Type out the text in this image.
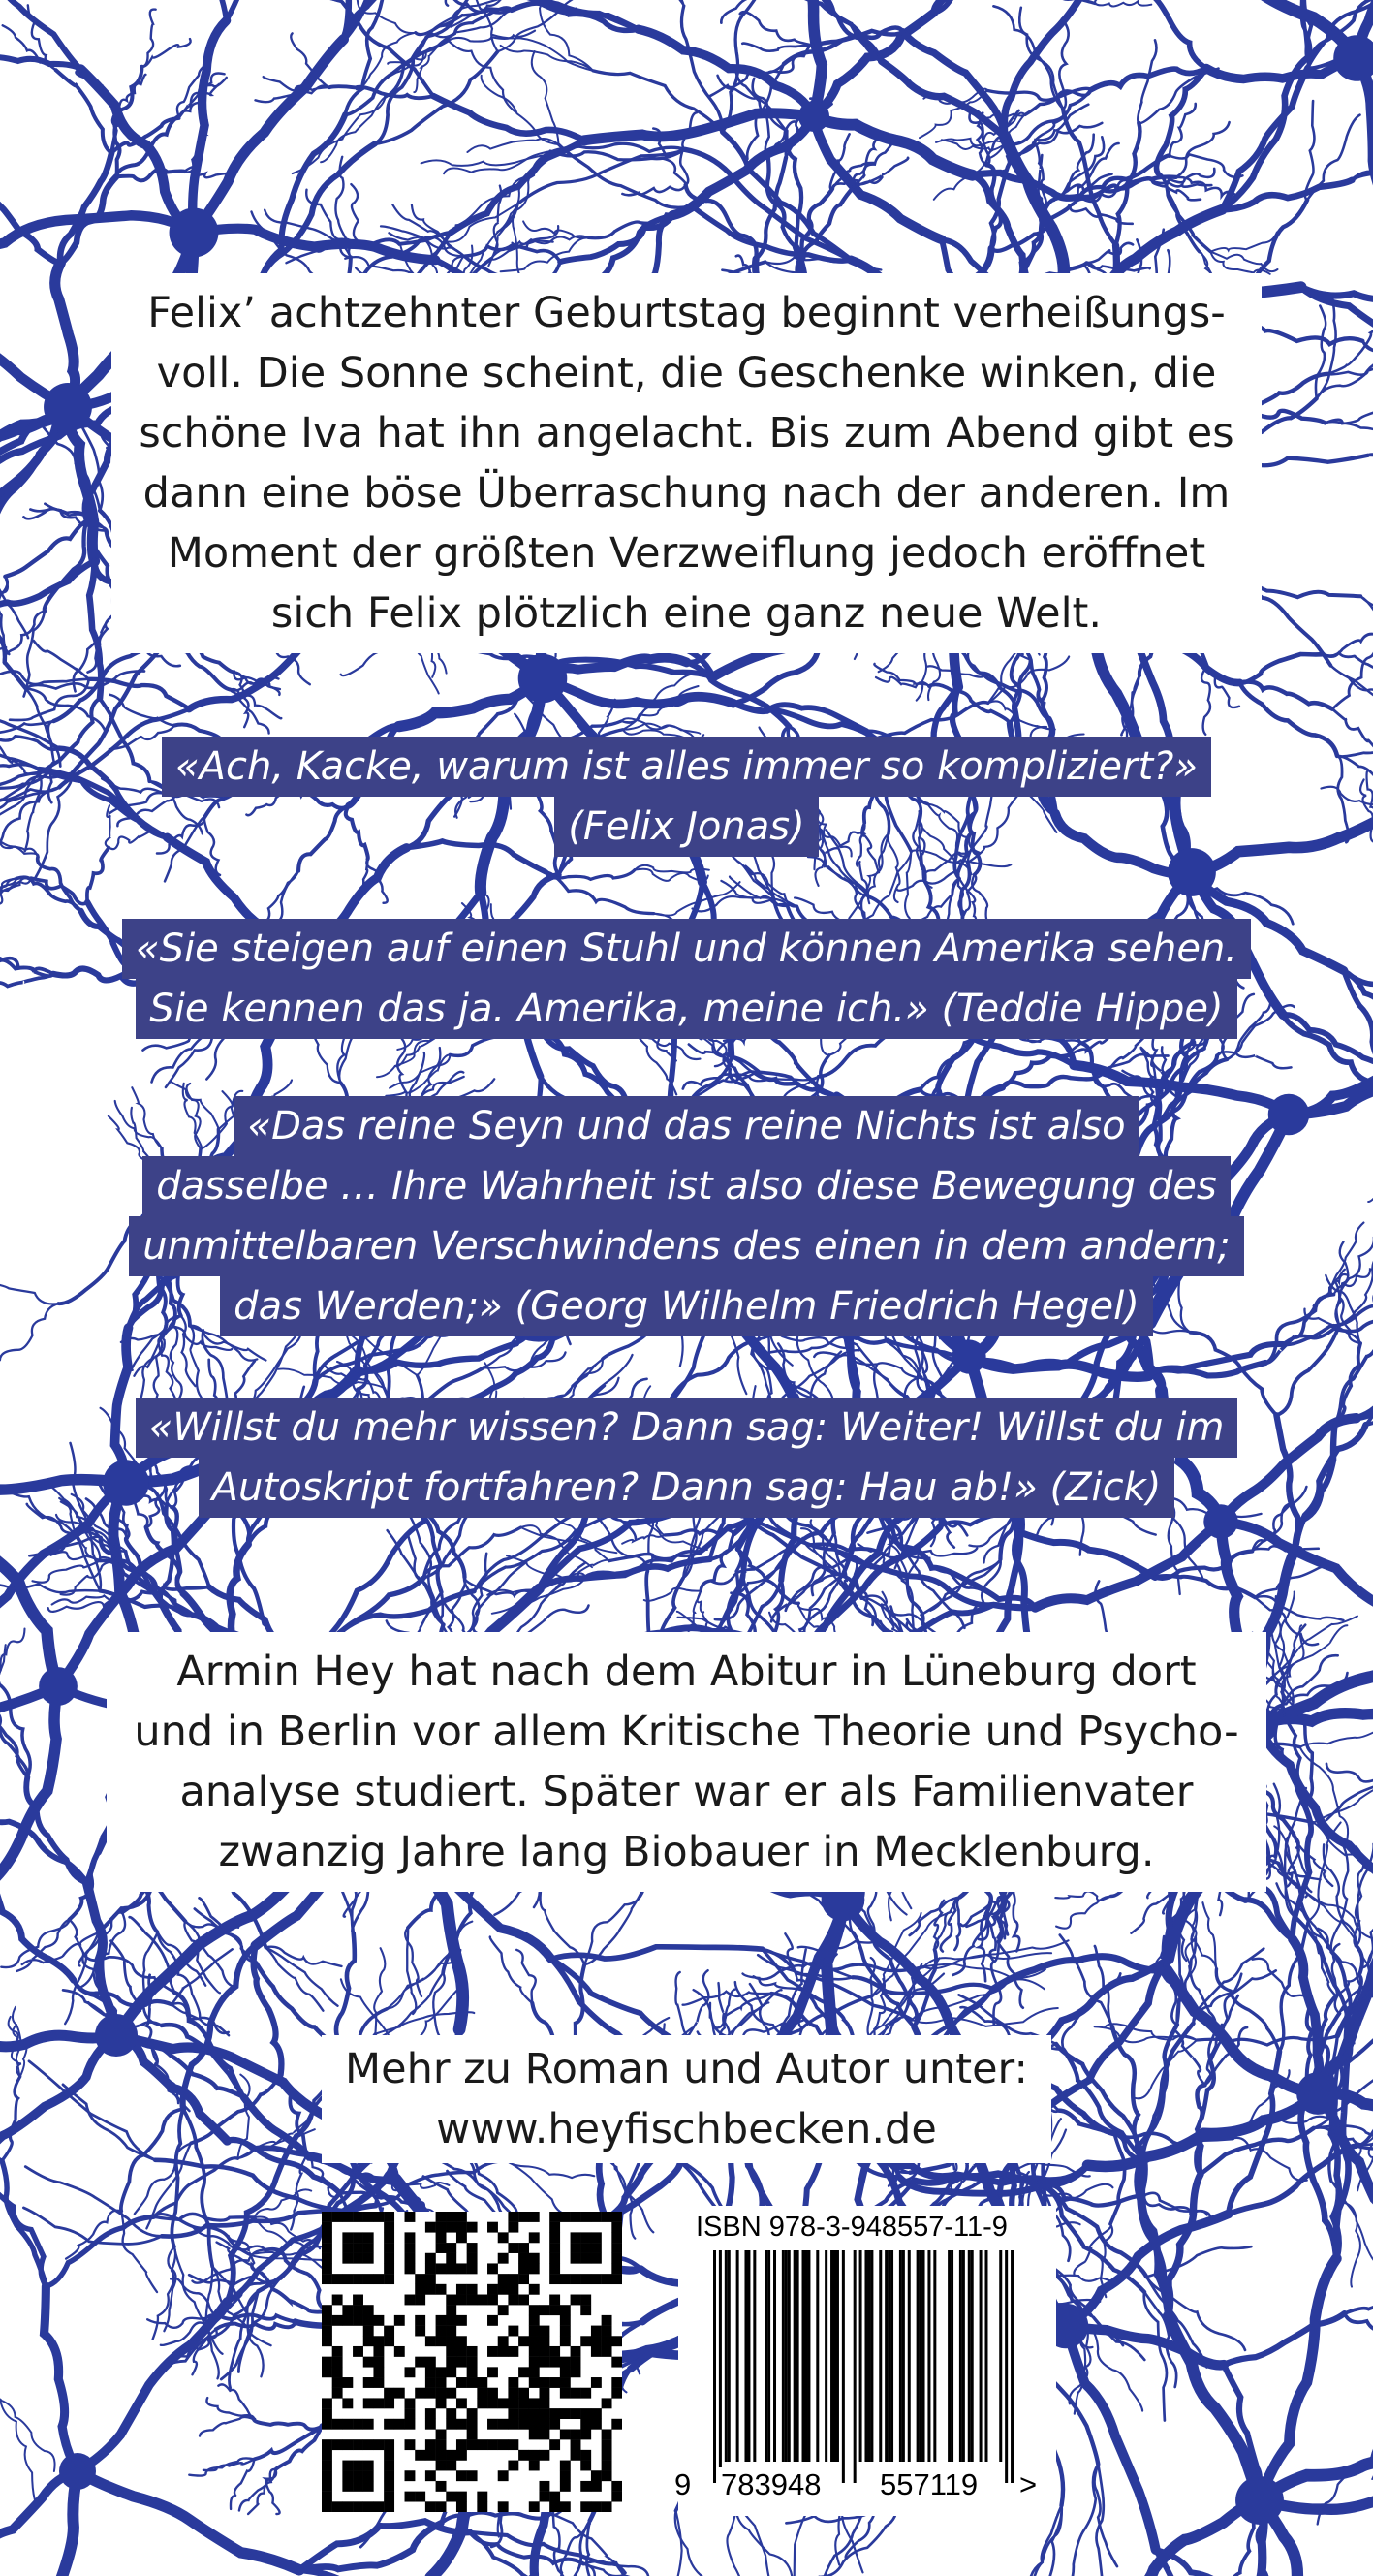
Felix’ achtzehnter Geburtstag beginnt verheißungs-
voll. Die Sonne scheint, die Geschenke winken, die
schöne Iva hat ihn angelacht. Bis zum Abend gibt es
dann eine böse Überraschung nach der anderen. Im
Moment der größten Verzweiflung jedoch eröffnet
sich Felix plötzlich eine ganz neue Welt.
«Ach, Kacke, warum ist alles immer so kompliziert?»
(Felix Jonas)
«Sie steigen auf einen Stuhl und können Amerika sehen.
Sie kennen das ja. Amerika, meine ich.» (Teddie Hippe)
«Das reine Seyn und das reine Nichts ist also
dasselbe … Ihre Wahrheit ist also diese Bewegung des
unmittelbaren Verschwindens des einen in dem andern;
das Werden;» (Georg Wilhelm Friedrich Hegel)
«Willst du mehr wissen? Dann sag: Weiter! Willst du im
Autoskript fortfahren? Dann sag: Hau ab!» (Zick)
Armin Hey hat nach dem Abitur in Lüneburg dort
und in Berlin vor allem Kritische Theorie und Psycho-
analyse studiert. Später war er als Familienvater
zwanzig Jahre lang Biobauer in Mecklenburg.
Mehr zu Roman und Autor unter:
www.heyfischbecken.de
ISBN 978-3-948557-11-9
9 783948 557119 >
